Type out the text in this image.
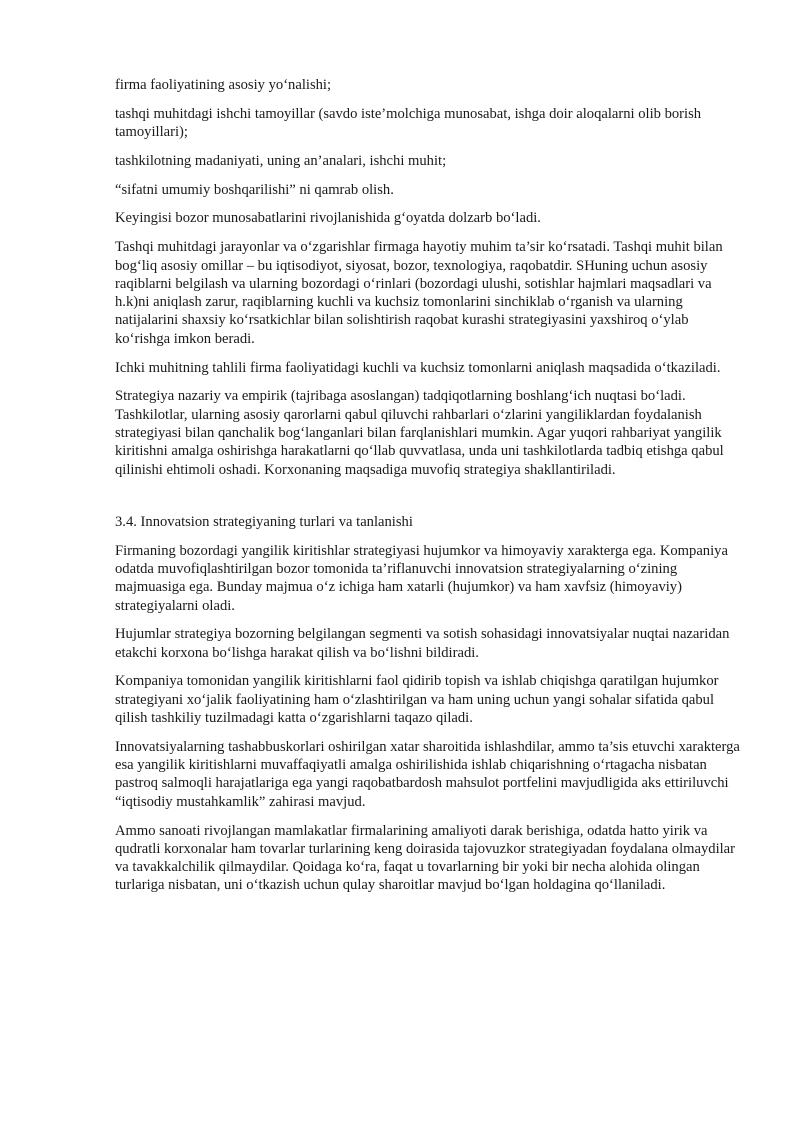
firma faoliyatining asosiy yo‘nalishi;

tashqi muhitdagi ishchi tamoyillar (savdo iste’molchiga munosabat, ishga doir aloqalarni olib borish tamoyillari);

tashkilotning madaniyati, uning an’analari, ishchi muhit;

“sifatni umumiy boshqarilishi” ni qamrab olish.

Keyingisi bozor munosabatlarini rivojlanishida g‘oyatda dolzarb bo‘ladi.

Tashqi muhitdagi jarayonlar va o‘zgarishlar firmaga hayotiy muhim ta’sir ko‘rsatadi. Tashqi muhit bilan bog‘liq asosiy omillar – bu iqtisodiyot, siyosat, bozor, texnologiya, raqobatdir. SHuning uchun asosiy raqiblarni belgilash va ularning bozordagi o‘rinlari (bozordagi ulushi, sotishlar hajmlari maqsadlari va h.k)ni aniqlash zarur, raqiblarning kuchli va kuchsiz tomonlarini sinchiklab o‘rganish va ularning natijalarini shaxsiy ko‘rsatkichlar bilan solishtirish raqobat kurashi strategiyasini yaxshiroq o‘ylab ko‘rishga imkon beradi.

Ichki muhitning tahlili firma faoliyatidagi kuchli va kuchsiz tomonlarni aniqlash maqsadida o‘tkaziladi.

Strategiya nazariy va empirik (tajribaga asoslangan) tadqiqotlarning boshlang‘ich nuqtasi bo‘ladi. Tashkilotlar, ularning asosiy qarorlarni qabul qiluvchi rahbarlari o‘zlarini yangiliklardan foydalanish strategiyasi bilan qanchalik bog‘langanlari bilan farqlanishlari mumkin. Agar yuqori rahbariyat yangilik kiritishni amalga oshirishga harakatlarni qo‘llab quvvatlasa, unda uni tashkilotlarda tadbiq etishga qabul qilinishi ehtimoli oshadi. Korxonaning maqsadiga muvofiq strategiya shakllantiriladi.

3.4. Innovatsion strategiyaning turlari va tanlanishi

Firmaning bozordagi yangilik kiritishlar strategiyasi hujumkor va himoyaviy xarakterga ega. Kompaniya odatda muvofiqlashtirilgan bozor tomonida ta’riflanuvchi innovatsion strategiyalarning o‘zining majmuasiga ega. Bunday majmua o‘z ichiga ham xatarli (hujumkor) va ham xavfsiz (himoyaviy) strategiyalarni oladi.

Hujumlar strategiya bozorning belgilangan segmenti va sotish sohasidagi innovatsiyalar nuqtai nazaridan etakchi korxona bo‘lishga harakat qilish va bo‘lishni bildiradi.

Kompaniya tomonidan yangilik kiritishlarni faol qidirib topish va ishlab chiqishga qaratilgan hujumkor strategiyani xo‘jalik faoliyatining ham o‘zlashtirilgan va ham uning uchun yangi sohalar sifatida qabul qilish tashkiliy tuzilmadagi katta o‘zgarishlarni taqazo qiladi.

Innovatsiyalarning tashabbuskorlari oshirilgan xatar sharoitida ishlashdilar, ammo ta’sis etuvchi xarakterga esa yangilik kiritishlarni muvaffaqiyatli amalga oshirilishida ishlab chiqarishning o‘rtagacha nisbatan pastroq salmoqli harajatlariga ega yangi raqobatbardosh mahsulot portfelini mavjudligida aks ettiriluvchi “iqtisodiy mustahkamlik” zahirasi mavjud.

Ammo sanoati rivojlangan mamlakatlar firmalarining amaliyoti darak berishiga, odatda hatto yirik va qudratli korxonalar ham tovarlar turlarining keng doirasida tajovuzkor strategiyadan foydalana olmaydilar va tavakkalchilik qilmaydilar. Qoidaga ko‘ra, faqat u tovarlarning bir yoki bir necha alohida olingan turlariga nisbatan, uni o‘tkazish uchun qulay sharoitlar mavjud bo‘lgan holdagina qo‘llaniladi.
